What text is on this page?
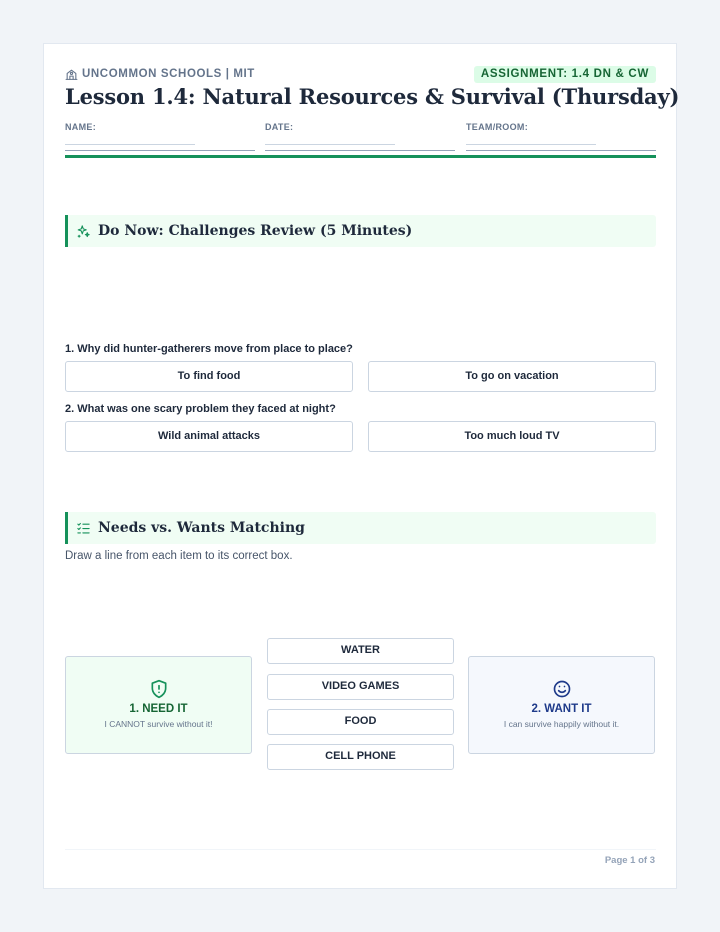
UNCOMMON SCHOOLS | MIT	ASSIGNMENT: 1.4 DN & CW
Lesson 1.4: Natural Resources & Survival (Thursday)
NAME:	DATE:	TEAM/ROOM:
Do Now: Challenges Review (5 Minutes)
1. Why did hunter-gatherers move from place to place?
To find food	To go on vacation
2. What was one scary problem they faced at night?
Wild animal attacks	Too much loud TV
Needs vs. Wants Matching
Draw a line from each item to its correct box.
1. NEED IT
I CANNOT survive without it!
WATER
VIDEO GAMES
FOOD
CELL PHONE
2. WANT IT
I can survive happily without it.
Page 1 of 3
